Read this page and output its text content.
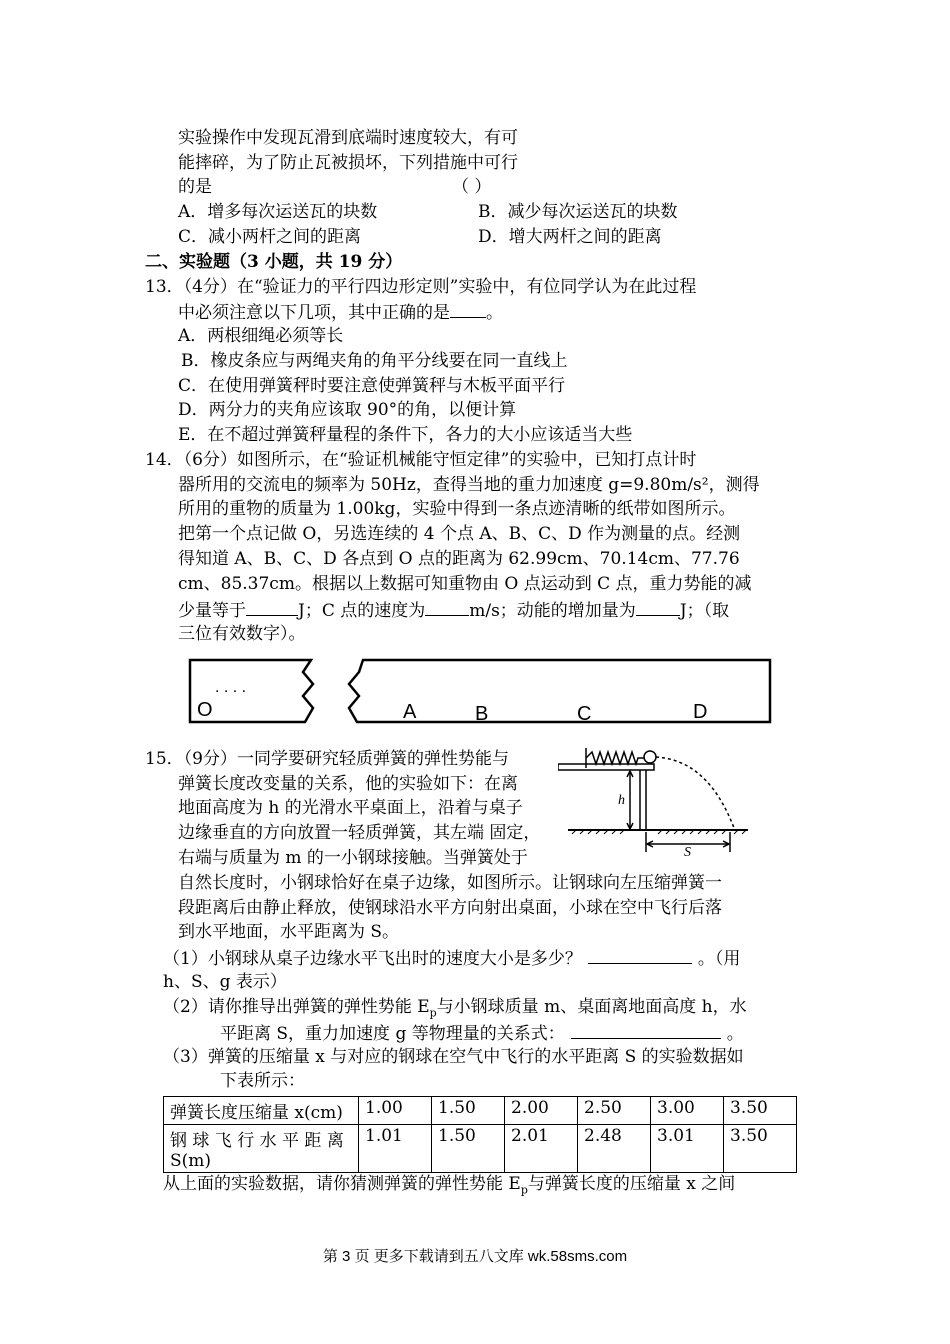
实验操作中发现瓦滑到底端时速度较大，有可
能摔碎，为了防止瓦被损坏，下列措施中可行
的是	（ ）
A．增多每次运送瓦的块数	B．减少每次运送瓦的块数
C．减小两杆之间的距离	D．增大两杆之间的距离
二、实验题（3 小题，共 19 分）
13．（4分）在“验证力的平行四边形定则”实验中，有位同学认为在此过程
中必须注意以下几项，其中正确的是 。
A．两根细绳必须等长
B．橡皮条应与两绳夹角的角平分线要在同一直线上
C．在使用弹簧秤时要注意使弹簧秤与木板平面平行
D．两分力的夹角应该取 90°的角，以便计算
E．在不超过弹簧秤量程的条件下，各力的大小应该适当大些
14．（6分）如图所示，在“验证机械能守恒定律”的实验中，已知打点计时
器所用的交流电的频率为 50Hz，查得当地的重力加速度 g=9.80m/s²，测得
所用的重物的质量为 1.00kg，实验中得到一条点迹清晰的纸带如图所示。
把第一个点记做 O，另选连续的 4 个点 A、B、C、D 作为测量的点。经测
得知道 A、B、C、D 各点到 O 点的距离为 62.99cm、70.14cm、77.76
cm、85.37cm。根据以上数据可知重物由 O 点运动到 C 点，重力势能的减
少量等于	J；C 点的速度为	m/s；动能的增加量为	J；（取
三位有效数字）。
O	A	B	C	D
. . . .
15．（9分）一同学要研究轻质弹簧的弹性势能与
弹簧长度改变量的关系，他的实验如下：在离
地面高度为 h 的光滑水平桌面上，沿着与桌子
边缘垂直的方向放置一轻质弹簧，其左端 固定，
右端与质量为 m 的一小钢球接触。当弹簧处于
h
S
自然长度时，小钢球恰好在桌子边缘，如图所示。让钢球向左压缩弹簧一
段距离后由静止释放，使钢球沿水平方向射出桌面，小球在空中飞行后落
到水平地面，水平距离为 S。
（1）小钢球从桌子边缘水平飞出时的速度大小是多少？	。（用
h、S、g 表示）
（2）请你推导出弹簧的弹性势能 $E_p$与小钢球质量 m、桌面离地面高度 h，水
平距离 S，重力加速度 g 等物理量的关系式：	。
（3）弹簧的压缩量 x 与对应的钢球在空气中飞行的水平距离 S 的实验数据如
下表所示：
弹簧长度压缩量 x(cm)	1.00	1.50	2.00	2.50	3.00	3.50

钢 球 飞 行 水 平 距 离
S(m)	1.01	1.50	2.01	2.48	3.01	3.50
从上面的实验数据，请你猜测弹簧的弹性势能 $E_p$与弹簧长度的压缩量 x 之间
第 3 页 更多下载请到五八文库 wk.58sms.com
